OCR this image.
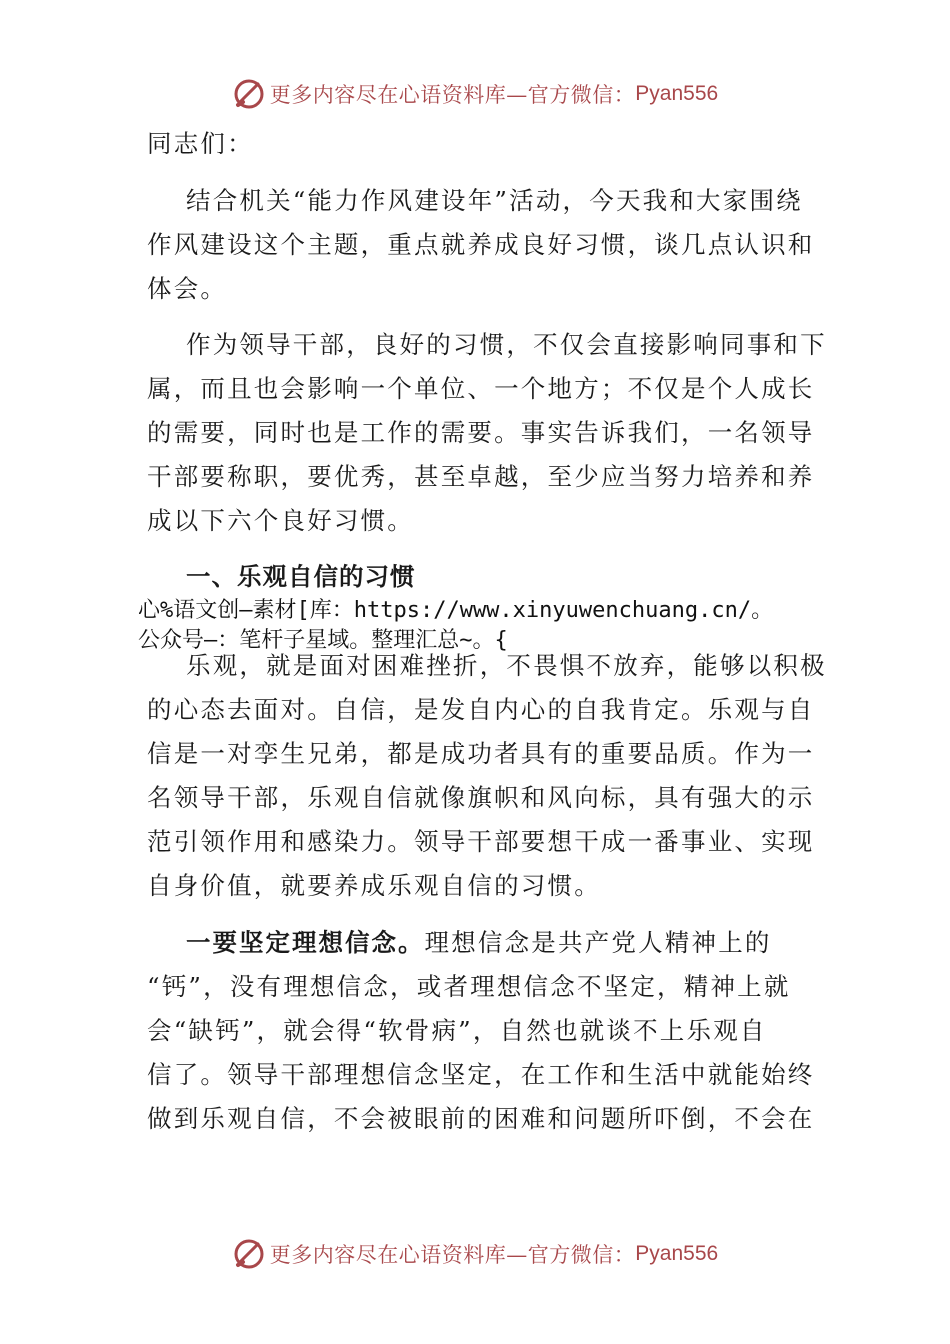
更多内容尽在心语资料库—官方微信： Pyan556
同志们：
结合机关“能力作风建设年”活动，今天我和大家围绕
作风建设这个主题，重点就养成良好习惯，谈几点认识和
体会。
作为领导干部，良好的习惯，不仅会直接影响同事和下
属，而且也会影响一个单位、一个地方；不仅是个人成长
的需要，同时也是工作的需要。事实告诉我们，一名领导
干部要称职，要优秀，甚至卓越，至少应当努力培养和养
成以下六个良好习惯。
一、乐观自信的习惯
心%语文创—素材[库：https://www.xinyuwenchuang.cn/。
公众号—：笔杆子星域。整理汇总~。{
乐观，就是面对困难挫折，不畏惧不放弃，能够以积极
的心态去面对。自信，是发自内心的自我肯定。乐观与自
信是一对孪生兄弟，都是成功者具有的重要品质。作为一
名领导干部，乐观自信就像旗帜和风向标，具有强大的示
范引领作用和感染力。领导干部要想干成一番事业、实现
自身价值，就要养成乐观自信的习惯。
一要坚定理想信念。理想信念是共产党人精神上的
“钙”，没有理想信念，或者理想信念不坚定，精神上就
会“缺钙”，就会得“软骨病”，自然也就谈不上乐观自
信了。领导干部理想信念坚定，在工作和生活中就能始终
做到乐观自信，不会被眼前的困难和问题所吓倒，不会在
更多内容尽在心语资料库—官方微信： Pyan556
